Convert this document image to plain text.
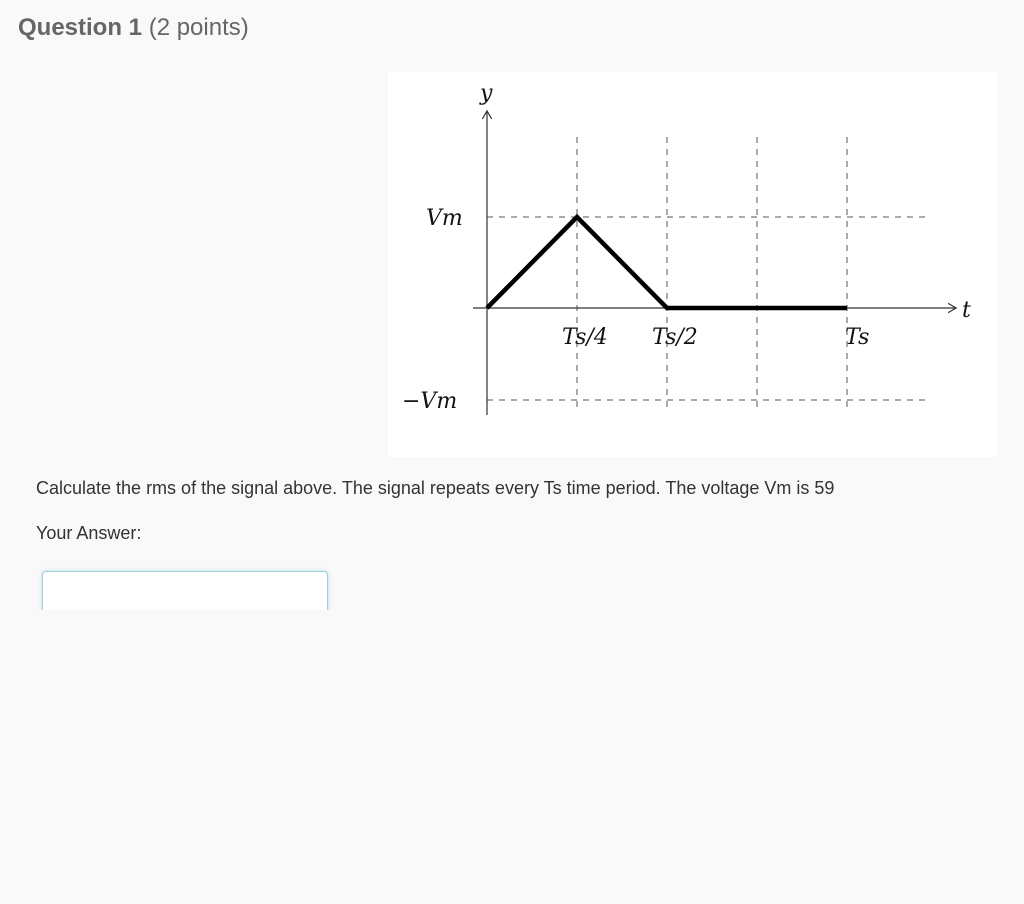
Question 1 (2 points)
y
t
Vm
−Vm
Ts/4 Ts/2	Ts
Calculate the rms of the signal above. The signal repeats every Ts time period. The voltage Vm is 59
Your Answer:
